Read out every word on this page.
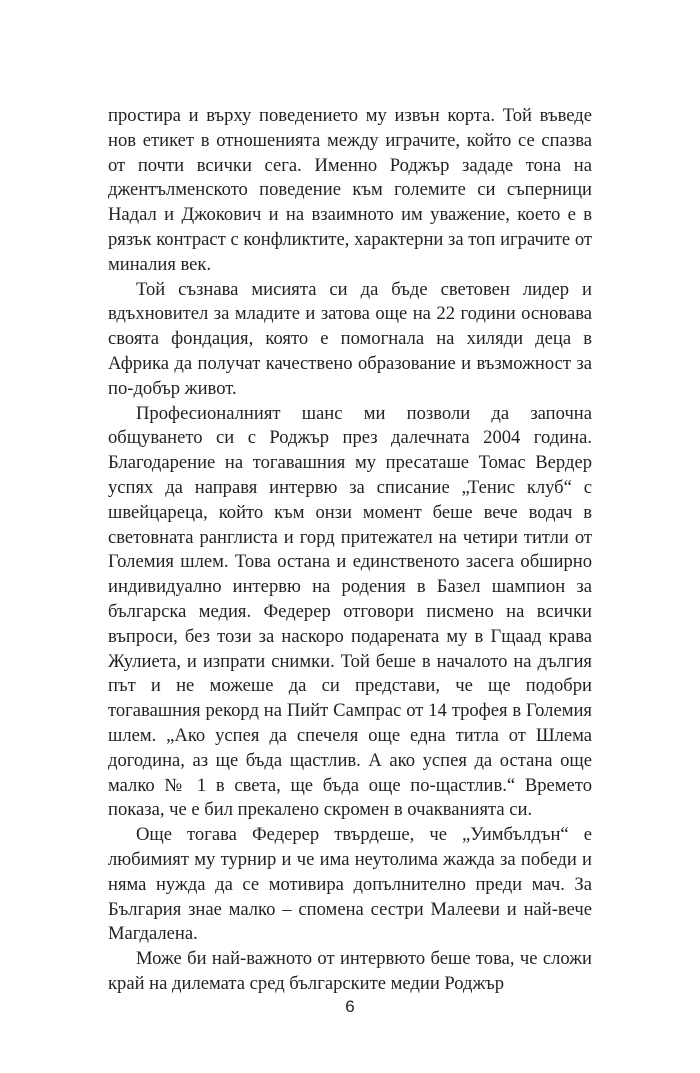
простира и върху поведението му извън корта. Той въведе нов етикет в отношенията между играчите, който се спазва от почти всички сега. Именно Роджър зададе тона на джентълменското поведение към големите си съперници Надал и Джокович и на взаимното им уважение, което е в рязък контраст с конфликтите, характерни за топ играчите от миналия век.

Той съзнава мисията си да бъде световен лидер и вдъхновител за младите и затова още на 22 години основава своята фондация, която е помогнала на хиляди деца в Африка да получат качествено образование и възможност за по-добър живот.

Професионалният шанс ми позволи да започна общуването си с Роджър през далечната 2004 година. Благодарение на тогавашния му пресаташе Томас Вердер успях да направя интервю за списание „Тенис клуб“ с швейцареца, който към онзи момент беше вече водач в световната ранглиста и горд притежател на четири титли от Големия шлем. Това остана и единственото засега обширно индивидуално интервю на родения в Базел шампион за българска медия. Федерер отговори писмено на всички въпроси, без този за наскоро подарената му в Гщаад крава Жулиета, и изпрати снимки. Той беше в началото на дългия път и не можеше да си представи, че ще подобри тогавашния рекорд на Пийт Сампрас от 14 трофея в Големия шлем. „Ако успея да спечеля още една титла от Шлема догодина, аз ще бъда щастлив. А ако успея да остана още малко № 1 в света, ще бъда още по-щастлив.“ Времето показа, че е бил прекалено скромен в очакванията си.

Още тогава Федерер твърдеше, че „Уимбълдън“ е любимият му турнир и че има неутолима жажда за победи и няма нужда да се мотивира допълнително преди мач. За България знае малко – спомена сестри Малееви и най-вече Магдалена.

Може би най-важното от интервюто беше това, че сложи край на дилемата сред българските медии Роджър

6
